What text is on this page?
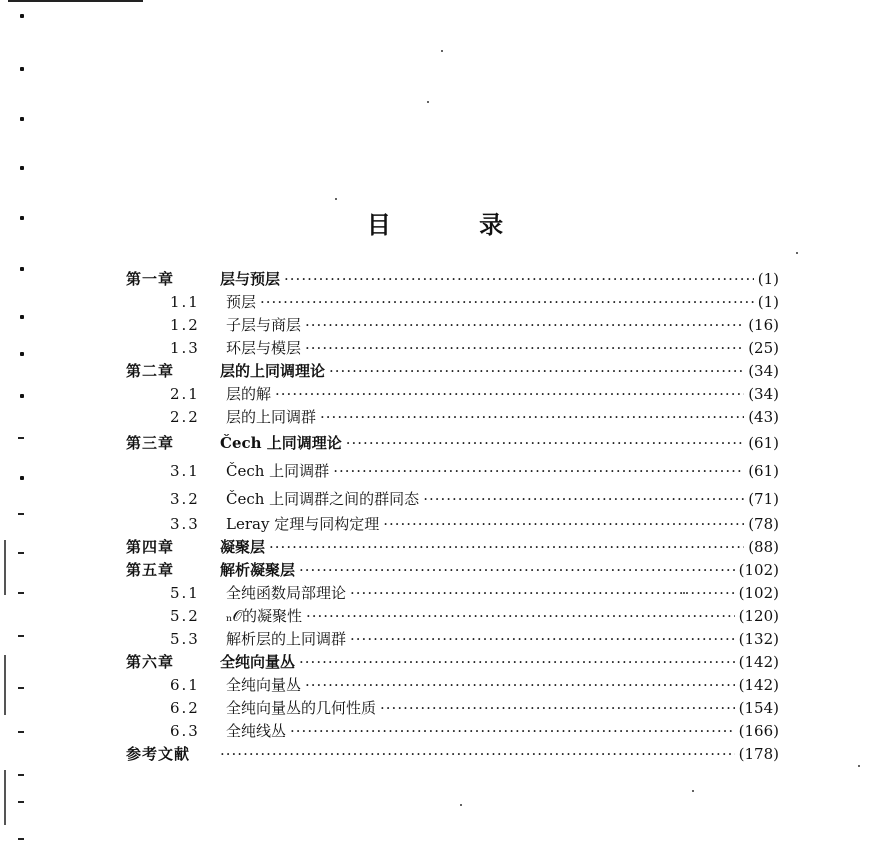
目 录
第一章	层与预层 ·····	(1)
1.1	预层 ·····	(1)
1.2	子层与商层 ·····	(16)
1.3	环层与模层 ·····	(25)
第二章	层的上同调理论 ·····	(34)
2.1	层的解 ·····	(34)
2.2	层的上同调群 ·····	(43)
第三章	Čech 上同调理论 ·····	(61)
3.1	Čech 上同调群 ·····	(61)
3.2	Čech 上同调群之间的群同态 ·····	(71)
3.3	Leray 定理与同构定理 ·····	(78)
第四章	凝聚层 ·····	(88)
第五章	解析凝聚层 ·····	(102)
5.1	全纯函数局部理论 ·····	(102)
5.2	ₙ𝒪的凝聚性 ·····	(120)
5.3	解析层的上同调群 ·····	(132)
第六章	全纯向量丛 ·····	(142)
6.1	全纯向量丛 ·····	(142)
6.2	全纯向量丛的几何性质 ·····	(154)
6.3	全纯线丛 ·····	(166)
参考文献 ·····	(178)
